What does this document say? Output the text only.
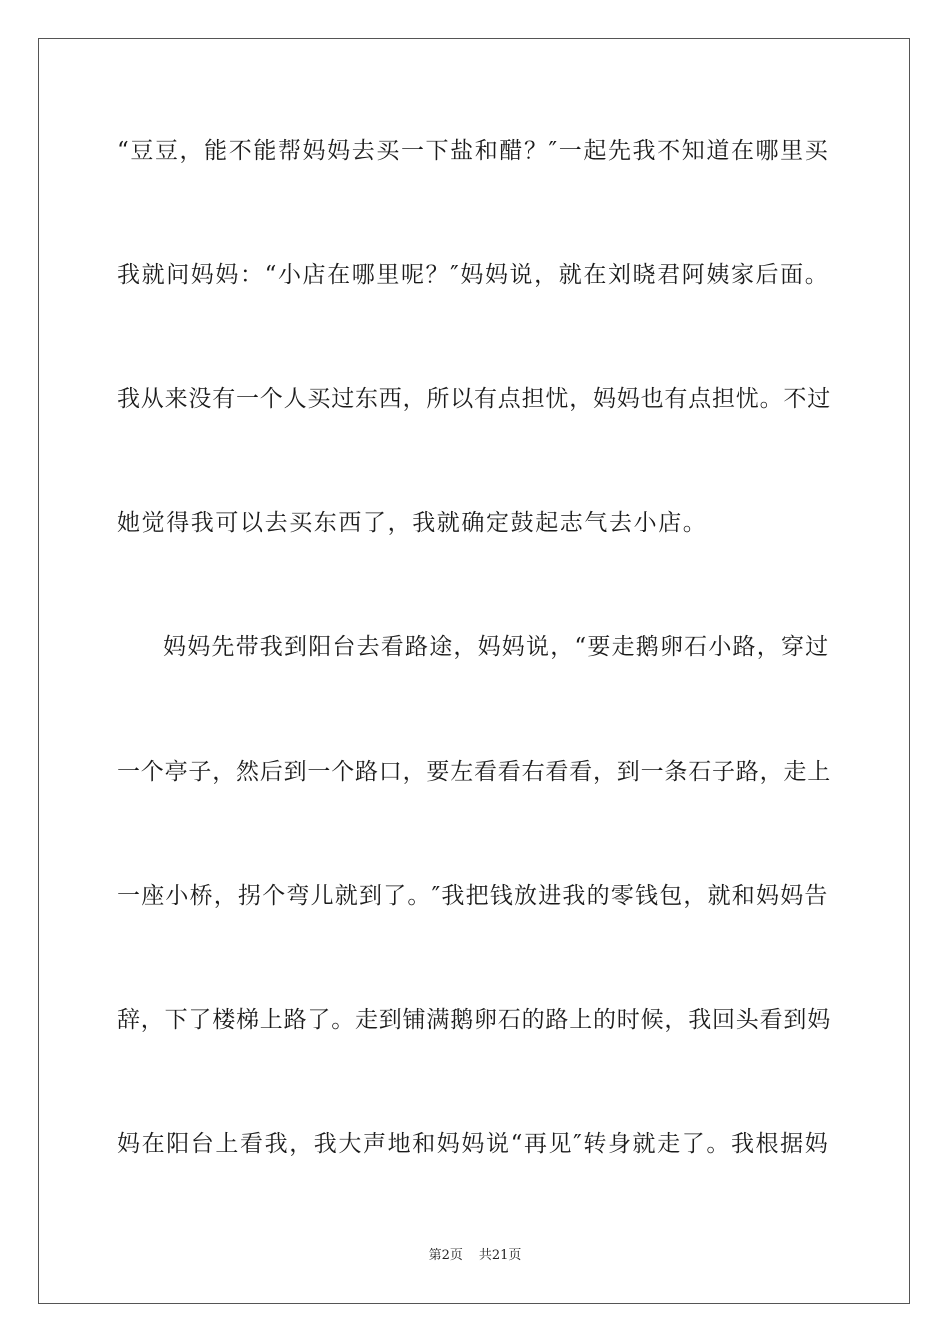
“豆豆，能不能帮妈妈去买一下盐和醋？″一起先我不知道在哪里买
我就问妈妈：“小店在哪里呢？″妈妈说，就在刘晓君阿姨家后面。
我从来没有一个人买过东西，所以有点担忧，妈妈也有点担忧。不过
她觉得我可以去买东西了，我就确定鼓起志气去小店。
妈妈先带我到阳台去看路途，妈妈说，“要走鹅卵石小路，穿过
一个亭子，然后到一个路口，要左看看右看看，到一条石子路，走上
一座小桥，拐个弯儿就到了。″我把钱放进我的零钱包，就和妈妈告
辞，下了楼梯上路了。走到铺满鹅卵石的路上的时候，我回头看到妈
妈在阳台上看我，我大声地和妈妈说“再见″转身就走了。我根据妈
第2页 共21页
